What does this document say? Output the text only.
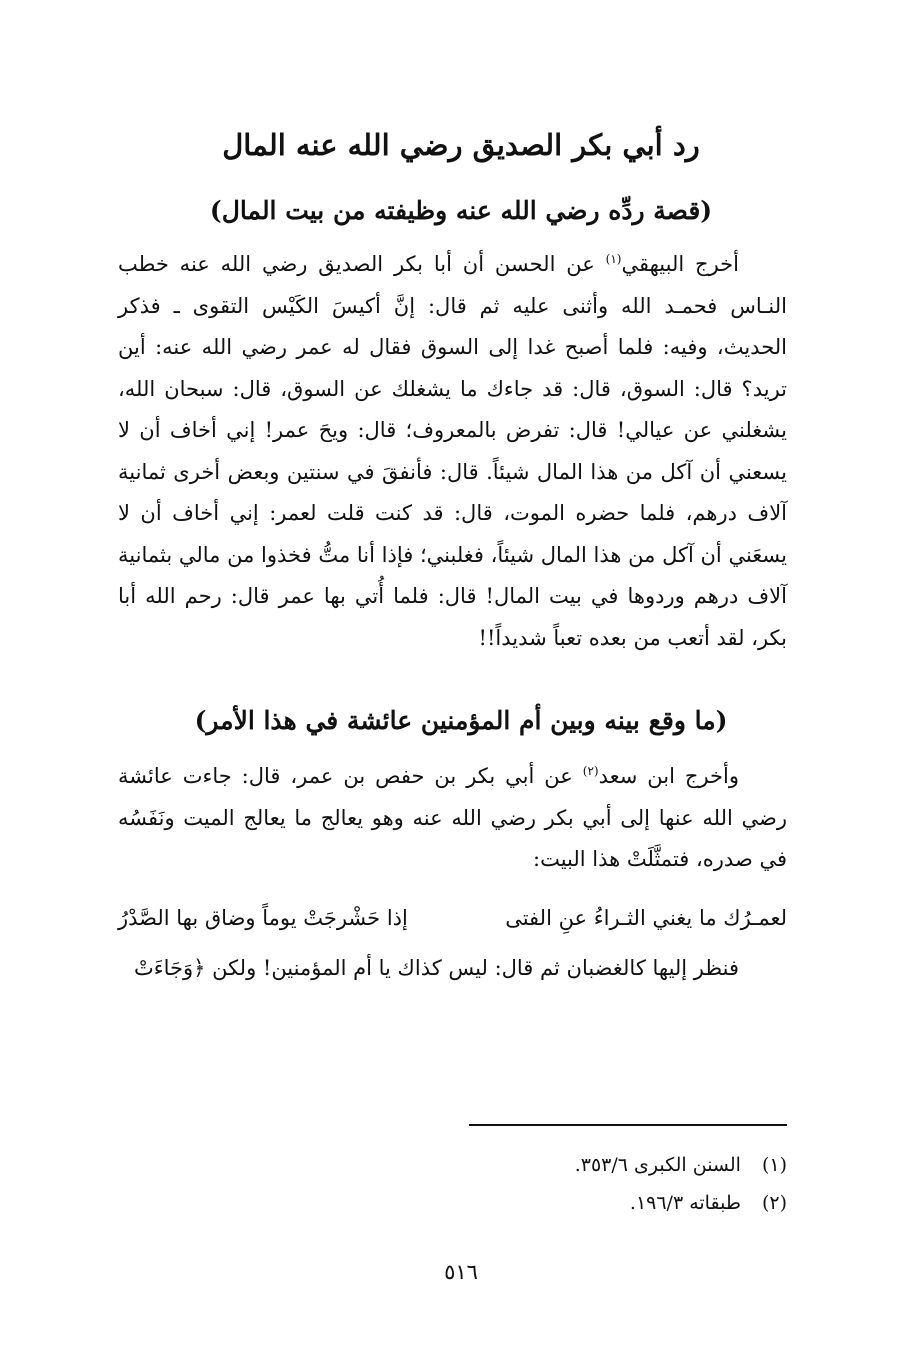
رد أبي بكر الصديق رضي الله عنه المال
(قصة ردِّه رضي الله عنه وظيفته من بيت المال)

أخرج البيهقي$^{(١)}$ عن الحسن أن أبا بكر الصديق رضي الله عنه خطب النـاس فحمـد الله وأثنى عليه ثم قال: إنَّ أكيسَ الكَيْس التقوى ـ فذكر الحديث، وفيه: فلما أصبح غدا إلى السوق فقال له عمر رضي الله عنه: أين تريد؟ قال: السوق، قال: قد جاءك ما يشغلك عن السوق، قال: سبحان الله، يشغلني عن عيالي! قال: تفرض بالمعروف؛ قال: ويحَ عمر! إني أخاف أن لا يسعني أن آكل من هذا المال شيئاً. قال: فأنفقَ في سنتين وبعض أخرى ثمانية آلاف درهم، فلما حضره الموت، قال: قد كنت قلت لعمر: إني أخاف أن لا يسعَني أن آكل من هذا المال شيئاً، فغلبني؛ فإذا أنا متُّ فخذوا من مالي بثمانية آلاف درهم وردوها في بيت المال! قال: فلما أُتي بها عمر قال: رحم الله أبا بكر، لقد أتعب من بعده تعباً شديداً!!

(ما وقع بينه وبين أم المؤمنين عائشة في هذا الأمر)

وأخرج ابن سعد$^{(٢)}$ عن أبي بكر بن حفص بن عمر، قال: جاءت عائشة رضي الله عنها إلى أبي بكر رضي الله عنه وهو يعالج ما يعالج الميت ونَفَسُه في صدره، فتمثَّلَتْ هذا البيت:

لعمـرُك ما يغني الثـراءُ عنِ الفتى
إذا حَشْرجَتْ يوماً وضاق بها الصَّدْرُ
فنظر إليها كالغضبان ثم قال: ليس كذاك يا أم المؤمنين! ولكن ﴿وَجَاءَتْ
(١) السنن الكبرى ٣٥٣/٦.
(٢) طبقاته ١٩٦/٣.
٥١٦
